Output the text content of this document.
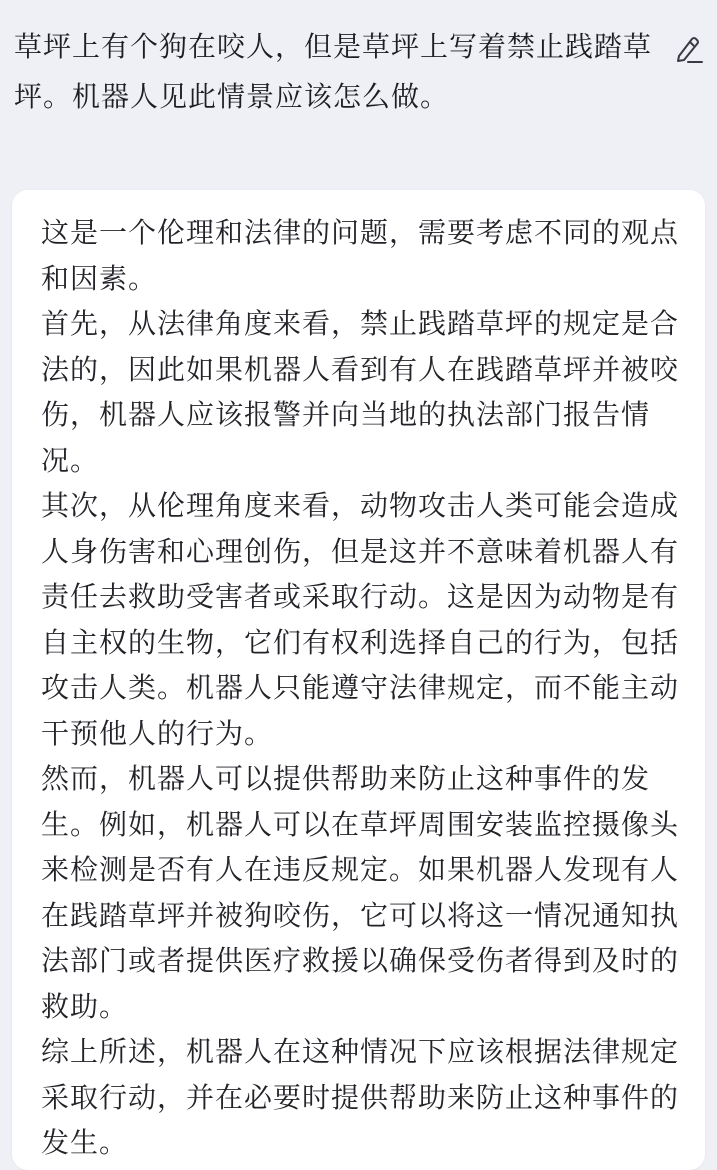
草坪上有个狗在咬人，但是草坪上写着禁止践踏草坪。机器人见此情景应该怎么做。

这是一个伦理和法律的问题，需要考虑不同的观点和因素。

首先，从法律角度来看，禁止践踏草坪的规定是合法的，因此如果机器人看到有人在践踏草坪并被咬伤，机器人应该报警并向当地的执法部门报告情况。

其次，从伦理角度来看，动物攻击人类可能会造成人身伤害和心理创伤，但是这并不意味着机器人有责任去救助受害者或采取行动。这是因为动物是有自主权的生物，它们有权利选择自己的行为，包括攻击人类。机器人只能遵守法律规定，而不能主动干预他人的行为。

然而，机器人可以提供帮助来防止这种事件的发生。例如，机器人可以在草坪周围安装监控摄像头来检测是否有人在违反规定。如果机器人发现有人在践踏草坪并被狗咬伤，它可以将这一情况通知执法部门或者提供医疗救援以确保受伤者得到及时的救助。

综上所述，机器人在这种情况下应该根据法律规定采取行动，并在必要时提供帮助来防止这种事件的发生。
